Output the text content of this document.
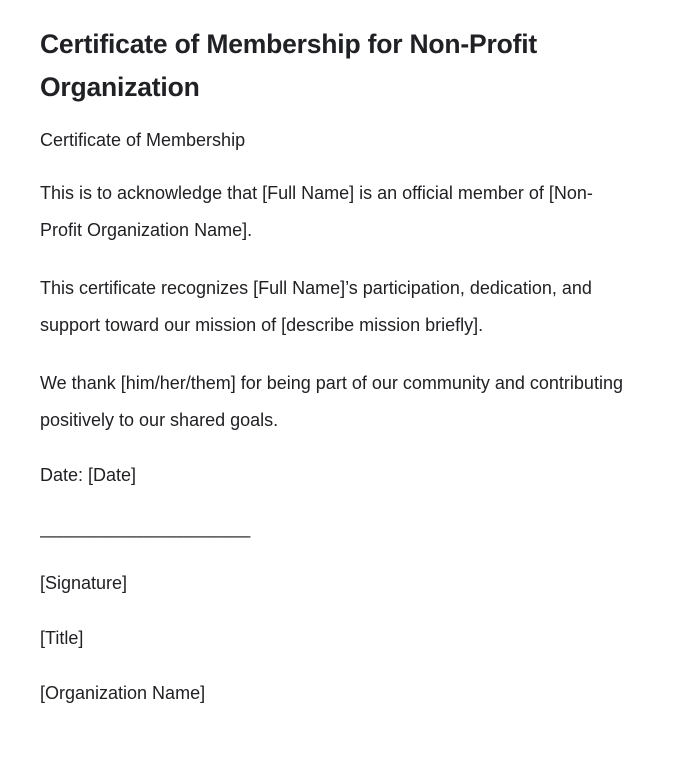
Certificate of Membership for Non-Profit Organization

Certificate of Membership

This is to acknowledge that [Full Name] is an official member of [Non-Profit Organization Name].

This certificate recognizes [Full Name]’s participation, dedication, and support toward our mission of [describe mission briefly].

We thank [him/her/them] for being part of our community and contributing positively to our shared goals.

Date: [Date]

_____________________

[Signature]

[Title]

[Organization Name]
